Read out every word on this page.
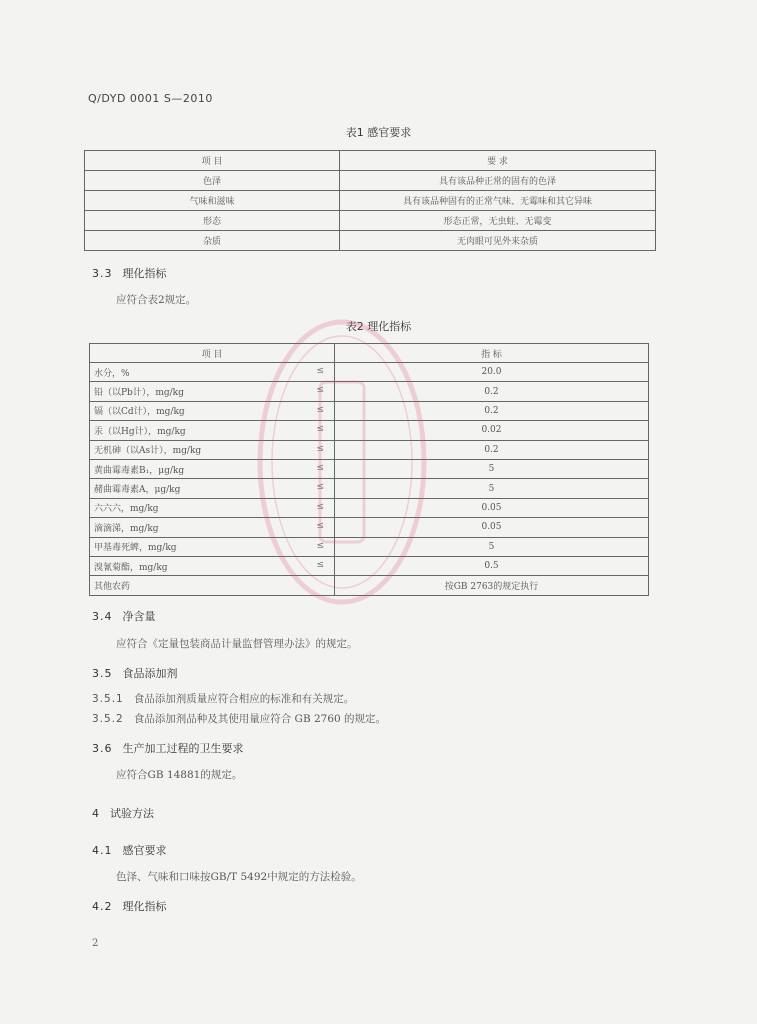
Q/DYD 0001 S—2010
表1 感官要求
项 目	要 求
色泽	具有该品种正常的固有的色泽
气味和滋味	具有该品种固有的正常气味、无霉味和其它异味
形态	形态正常，无虫蛀、无霉变
杂质	无肉眼可见外来杂质
3.3 理化指标
应符合表2规定。
表2 理化指标
项 目	指 标
水分，% ≤	20.0
铅（以Pb计），mg/kg ≤	0.2
镉（以Cd计），mg/kg ≤	0.2
汞（以Hg计），mg/kg ≤	0.02
无机砷（以As计），mg/kg ≤	0.2
黄曲霉毒素B₁，μg/kg ≤	5
赭曲霉毒素A，μg/kg ≤	5
六六六，mg/kg ≤	0.05
滴滴涕，mg/kg ≤	0.05
甲基毒死蜱，mg/kg ≤	5
溴氰菊酯，mg/kg ≤	0.5
其他农药	按GB 2763的规定执行
3.4 净含量
应符合《定量包装商品计量监督管理办法》的规定。
3.5 食品添加剂
3.5.1 食品添加剂质量应符合相应的标准和有关规定。
3.5.2 食品添加剂品种及其使用量应符合 GB 2760 的规定。
3.6 生产加工过程的卫生要求
应符合GB 14881的规定。
4 试验方法
4.1 感官要求
色泽、气味和口味按GB/T 5492中规定的方法检验。
4.2 理化指标
2
